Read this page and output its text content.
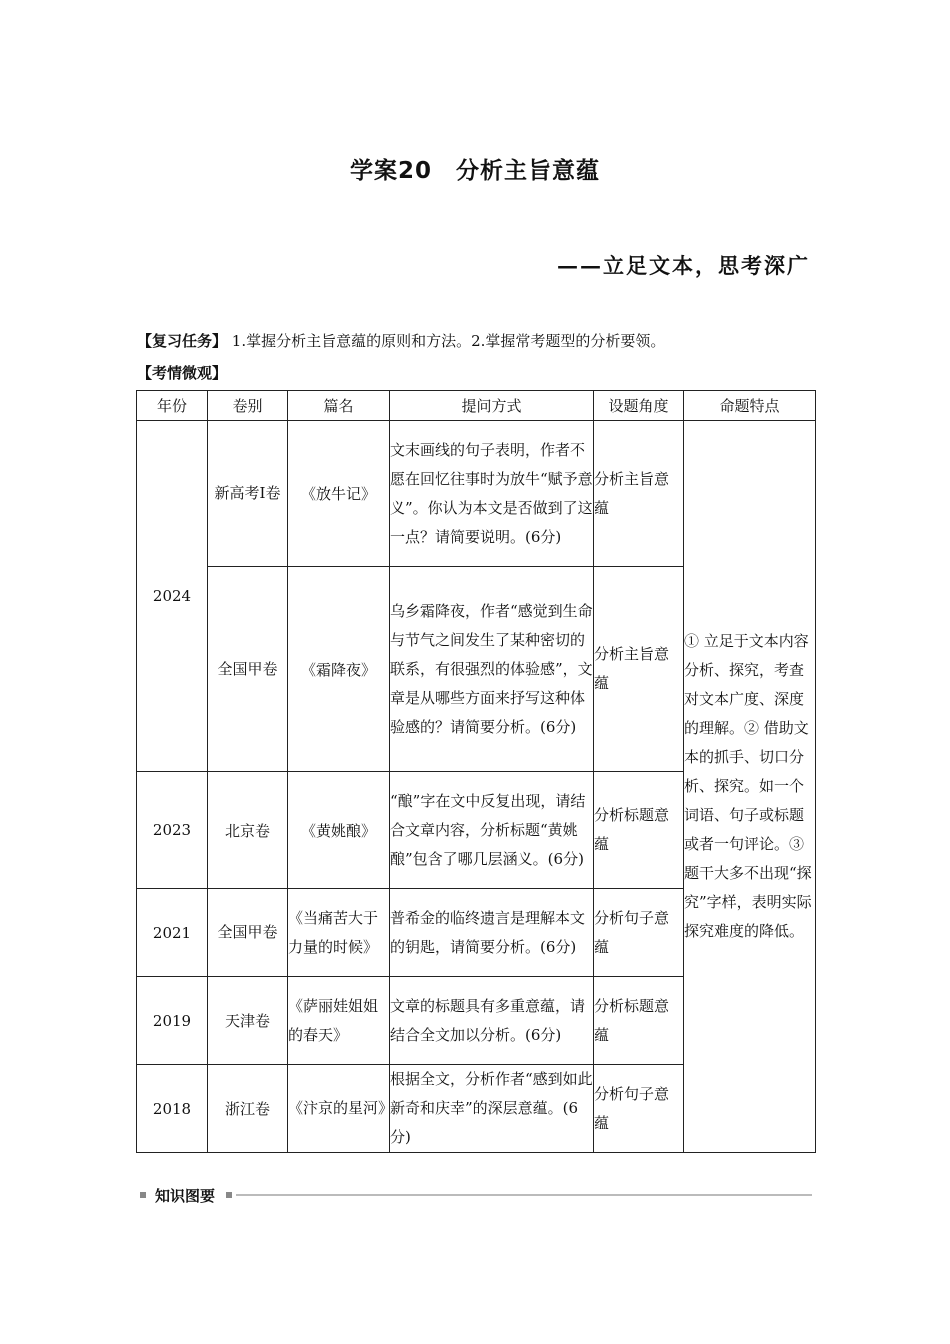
学案20　分析主旨意蕴
——立足文本，思考深广
【复习任务】 1.掌握分析主旨意蕴的原则和方法。2.掌握常考题型的分析要领。
【考情微观】
年份	卷别	篇名	提问方式	设题角度	命题特点
2024	新高考Ⅰ卷	《放牛记》	文末画线的句子表明，作者不愿在回忆往事时为放牛“赋予意义”。你认为本文是否做到了这一点？请简要说明。(6分)	分析主旨意蕴	① 立足于文本内容分析、探究，考查对文本广度、深度的理解。② 借助文本的抓手、切口分析、探究。如一个词语、句子或标题或者一句评论。③ 题干大多不出现“探究”字样，表明实际探究难度的降低。
	全国甲卷	《霜降夜》	乌乡霜降夜，作者“感觉到生命与节气之间发生了某种密切的联系，有很强烈的体验感”，文章是从哪些方面来抒写这种体验感的？请简要分析。(6分)	分析主旨意蕴	
2023	北京卷	《黄姚酿》	“酿”字在文中反复出现，请结合文章内容，分析标题“黄姚酿”包含了哪几层涵义。(6分)	分析标题意蕴	
2021	全国甲卷	《当痛苦大于力量的时候》	普希金的临终遗言是理解本文的钥匙，请简要分析。(6分)	分析句子意蕴	
2019	天津卷	《萨丽娃姐姐的春天》	文章的标题具有多重意蕴，请结合全文加以分析。(6分)	分析标题意蕴	
2018	浙江卷	《汴京的星河》	根据全文，分析作者“感到如此新奇和庆幸”的深层意蕴。(6分)	分析句子意蕴	
知识图要
